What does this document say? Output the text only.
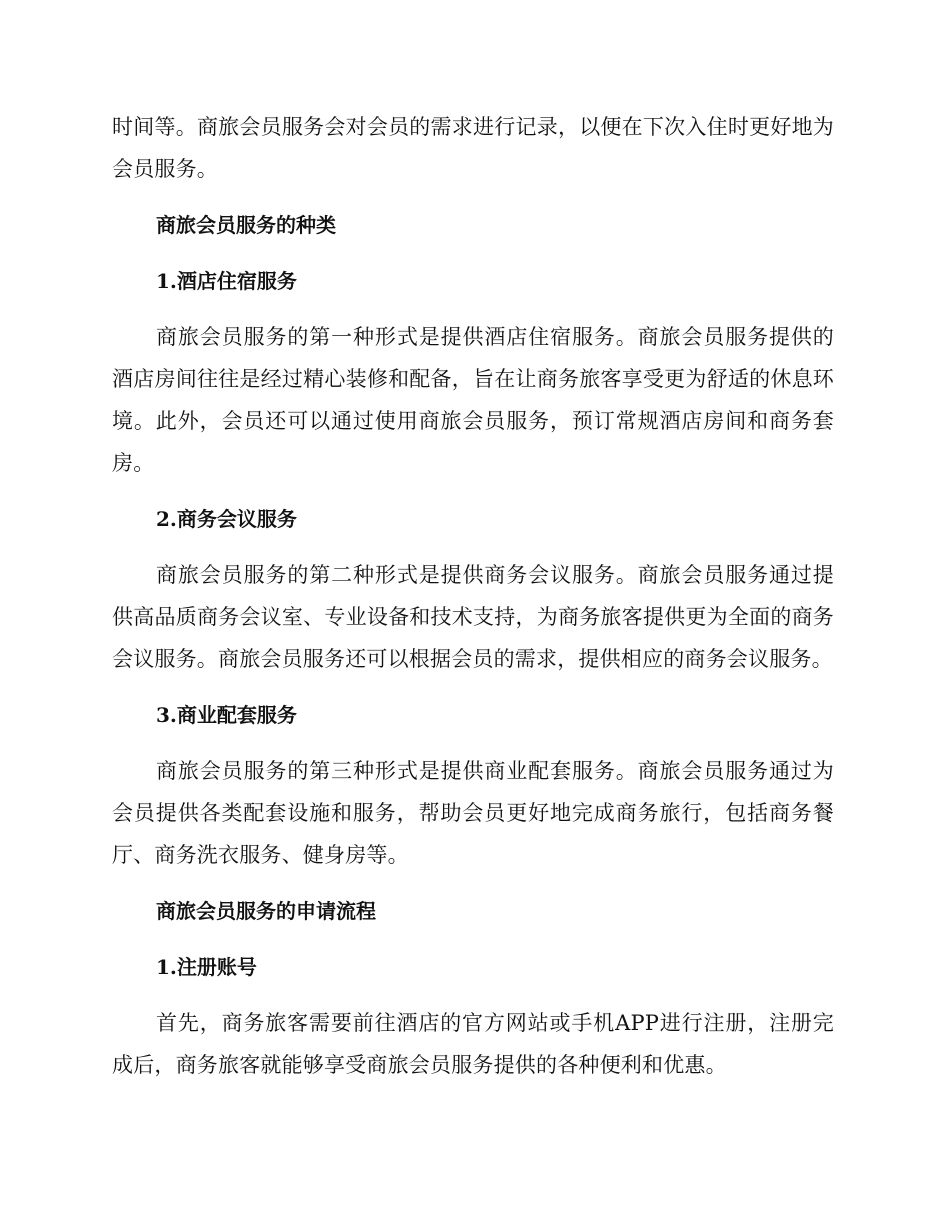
时间等。商旅会员服务会对会员的需求进行记录，以便在下次入住时更好地为会员服务。

商旅会员服务的种类

1.酒店住宿服务

商旅会员服务的第一种形式是提供酒店住宿服务。商旅会员服务提供的酒店房间往往是经过精心装修和配备，旨在让商务旅客享受更为舒适的休息环境。此外，会员还可以通过使用商旅会员服务，预订常规酒店房间和商务套房。

2.商务会议服务

商旅会员服务的第二种形式是提供商务会议服务。商旅会员服务通过提供高品质商务会议室、专业设备和技术支持，为商务旅客提供更为全面的商务会议服务。商旅会员服务还可以根据会员的需求，提供相应的商务会议服务。

3.商业配套服务

商旅会员服务的第三种形式是提供商业配套服务。商旅会员服务通过为会员提供各类配套设施和服务，帮助会员更好地完成商务旅行，包括商务餐厅、商务洗衣服务、健身房等。

商旅会员服务的申请流程

1.注册账号

首先，商务旅客需要前往酒店的官方网站或手机APP进行注册，注册完成后，商务旅客就能够享受商旅会员服务提供的各种便利和优惠。
